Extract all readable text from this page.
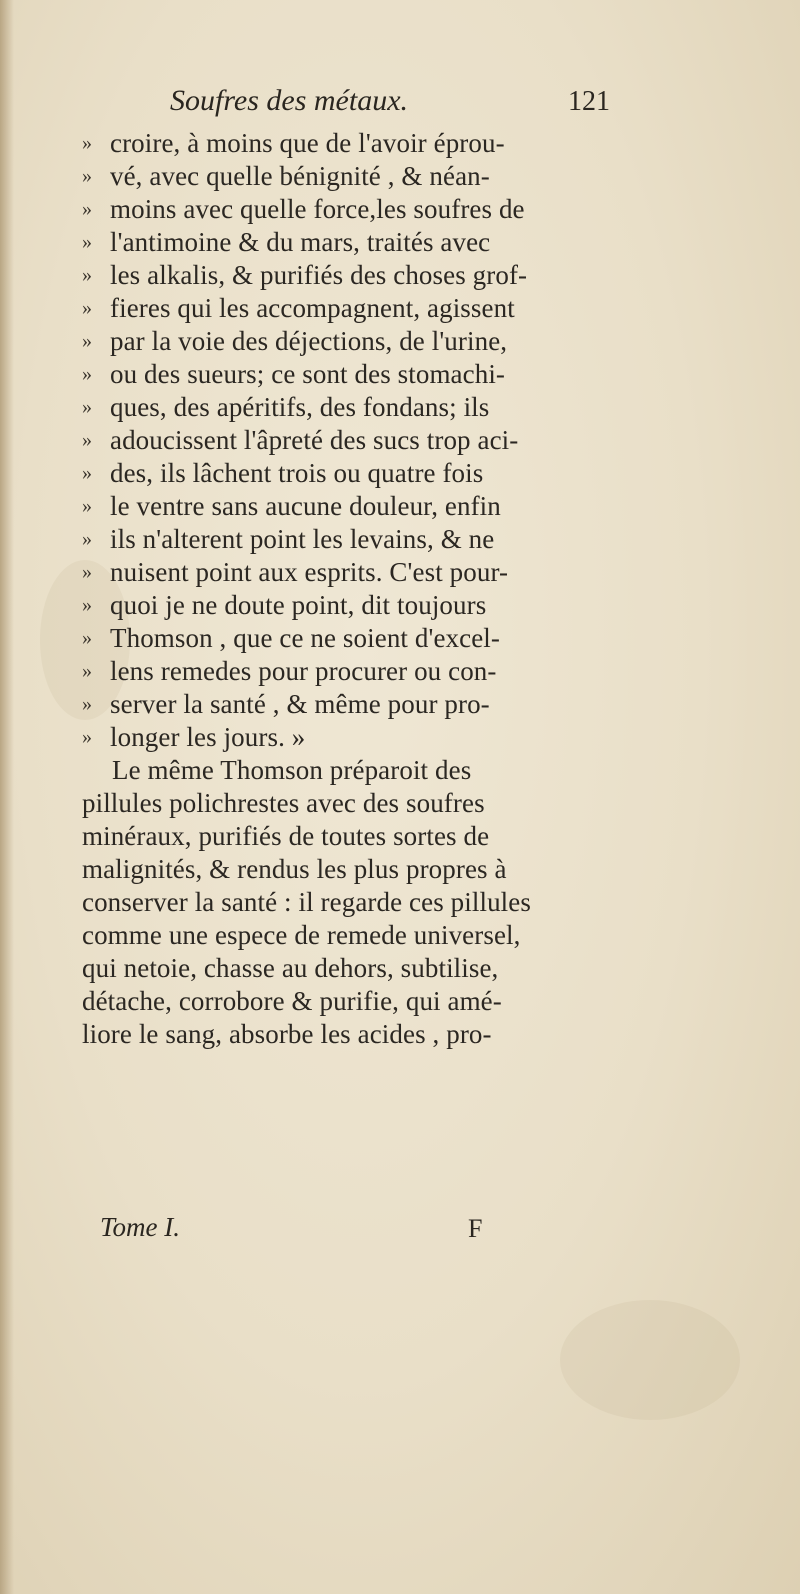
Soufres des métaux.	121
» croire, à moins que de l'avoir éprou-
» vé, avec quelle bénignité , & néan-
» moins avec quelle force,les soufres de
» l'antimoine & du mars, traités avec
» les alkalis, & purifiés des choses grof-
» fieres qui les accompagnent, agissent
» par la voie des déjections, de l'urine,
» ou des sueurs; ce sont des stomachi-
» ques, des apéritifs, des fondans; ils
» adoucissent l'âpreté des sucs trop aci-
» des, ils lâchent trois ou quatre fois
» le ventre sans aucune douleur, enfin
» ils n'alterent point les levains, & ne
» nuisent point aux esprits. C'est pour-
» quoi je ne doute point, dit toujours
» Thomson , que ce ne soient d'excel-
» lens remedes pour procurer ou con-
» server la santé , & même pour pro-
» longer les jours. »
Le même Thomson préparoit des
pillules polichrestes avec des soufres
minéraux, purifiés de toutes sortes de
malignités, & rendus les plus propres à
conserver la santé : il regarde ces pillules
comme une espece de remede universel,
qui netoie, chasse au dehors, subtilise,
détache, corrobore & purifie, qui amé-
liore le sang, absorbe les acides , pro-
Tome I.	F
